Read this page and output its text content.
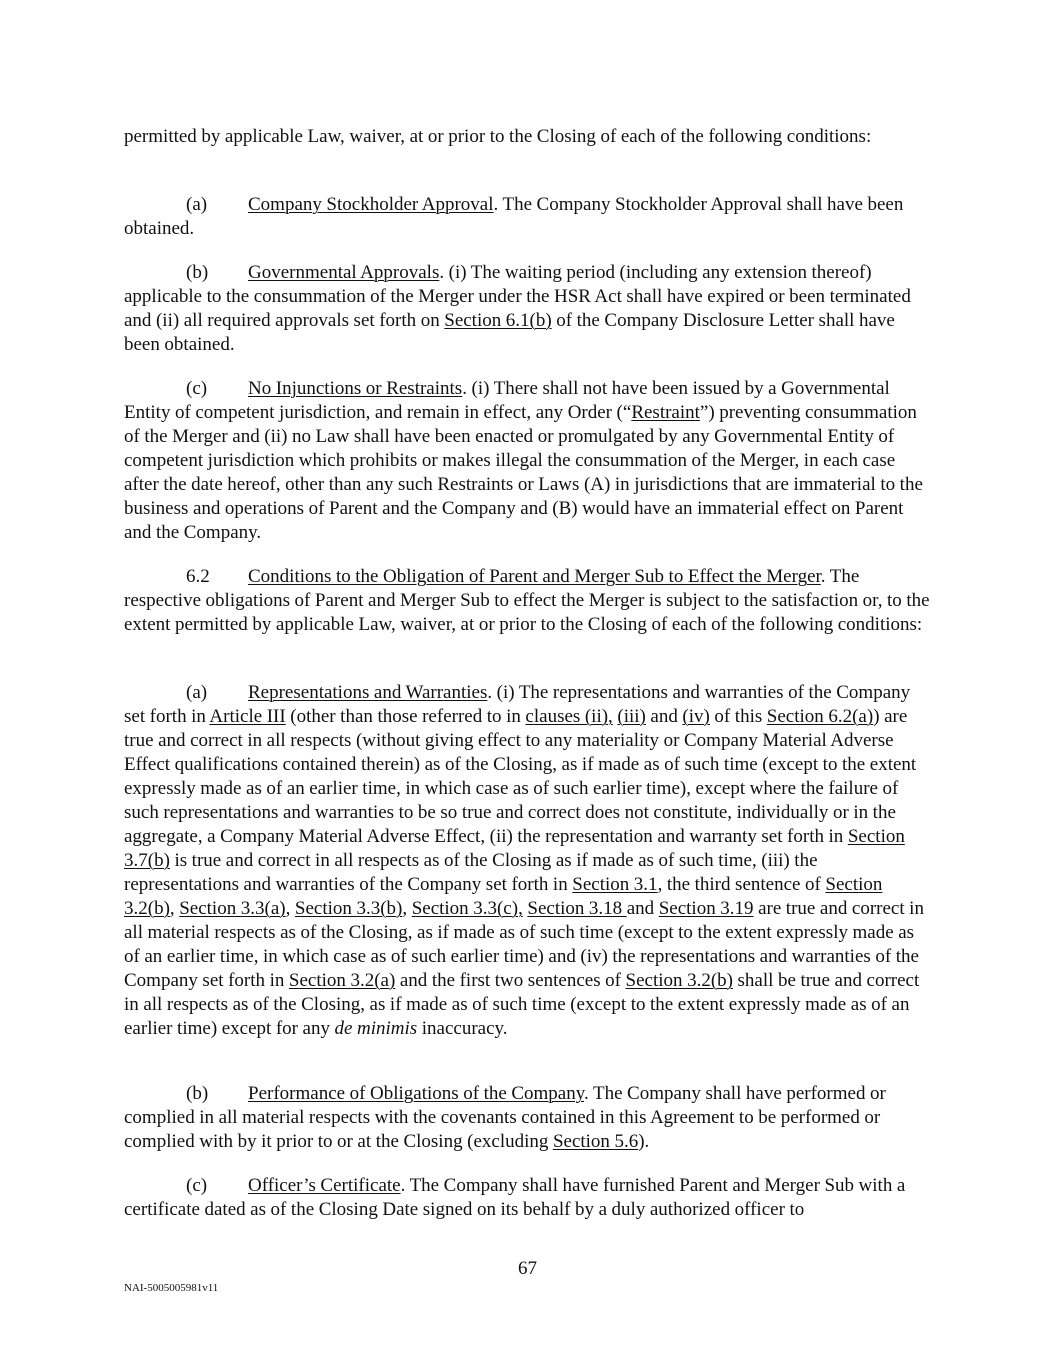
permitted by applicable Law, waiver, at or prior to the Closing of each of the following conditions:

(a) Company Stockholder Approval. The Company Stockholder Approval shall have been obtained.

(b) Governmental Approvals. (i) The waiting period (including any extension thereof) applicable to the consummation of the Merger under the HSR Act shall have expired or been terminated and (ii) all required approvals set forth on Section 6.1(b) of the Company Disclosure Letter shall have been obtained.

(c) No Injunctions or Restraints. (i) There shall not have been issued by a Governmental Entity of competent jurisdiction, and remain in effect, any Order (“Restraint”) preventing consummation of the Merger and (ii) no Law shall have been enacted or promulgated by any Governmental Entity of competent jurisdiction which prohibits or makes illegal the consummation of the Merger, in each case after the date hereof, other than any such Restraints or Laws (A) in jurisdictions that are immaterial to the business and operations of Parent and the Company and (B) would have an immaterial effect on Parent and the Company.

6.2 Conditions to the Obligation of Parent and Merger Sub to Effect the Merger. The respective obligations of Parent and Merger Sub to effect the Merger is subject to the satisfaction or, to the extent permitted by applicable Law, waiver, at or prior to the Closing of each of the following conditions:

(a) Representations and Warranties. (i) The representations and warranties of the Company set forth in Article III (other than those referred to in clauses (ii), (iii) and (iv) of this Section 6.2(a)) are true and correct in all respects (without giving effect to any materiality or Company Material Adverse Effect qualifications contained therein) as of the Closing, as if made as of such time (except to the extent expressly made as of an earlier time, in which case as of such earlier time), except where the failure of such representations and warranties to be so true and correct does not constitute, individually or in the aggregate, a Company Material Adverse Effect, (ii) the representation and warranty set forth in Section 3.7(b) is true and correct in all respects as of the Closing as if made as of such time, (iii) the representations and warranties of the Company set forth in Section 3.1, the third sentence of Section 3.2(b), Section 3.3(a), Section 3.3(b), Section 3.3(c), Section 3.18 and Section 3.19 are true and correct in all material respects as of the Closing, as if made as of such time (except to the extent expressly made as of an earlier time, in which case as of such earlier time) and (iv) the representations and warranties of the Company set forth in Section 3.2(a) and the first two sentences of Section 3.2(b) shall be true and correct in all respects as of the Closing, as if made as of such time (except to the extent expressly made as of an earlier time) except for any de minimis inaccuracy.

(b) Performance of Obligations of the Company. The Company shall have performed or complied in all material respects with the covenants contained in this Agreement to be performed or complied with by it prior to or at the Closing (excluding Section 5.6).

(c) Officer’s Certificate. The Company shall have furnished Parent and Merger Sub with a certificate dated as of the Closing Date signed on its behalf by a duly authorized officer to

67
NAI-5005005981v11
